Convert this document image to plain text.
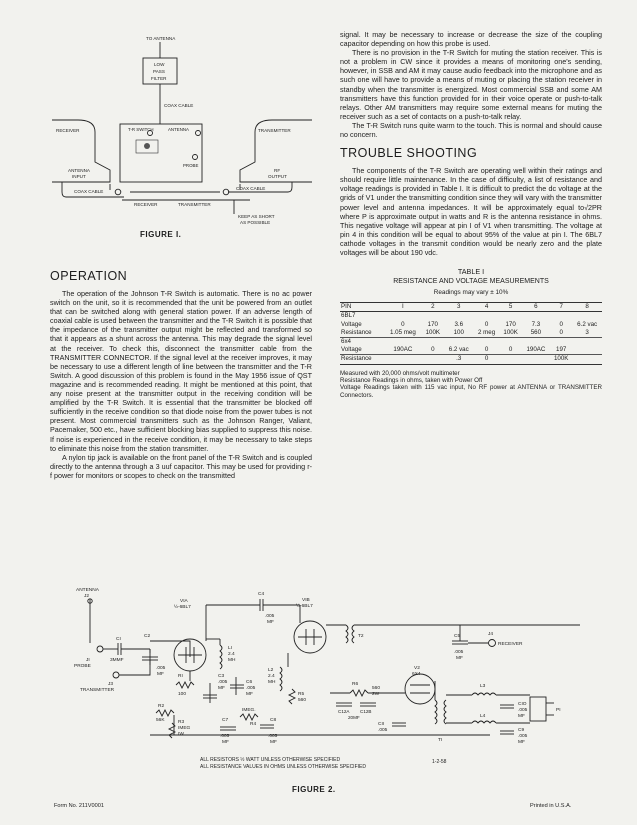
TO ANTENNA
LOW
PASS
FILTER
COAX CABLE
RECEIVER	TRANSMITTER
T-R SWITCH	ANTENNA
PROBE
ANTENNA
INPUT
RF
OUTPUT
COAX CABLE
COAX CABLE
RECEIVER	TRANSMITTER
KEEP AS SHORT
AS POSSIBLE
FIGURE I.
OPERATION

The operation of the Johnson T-R Switch is automatic. There is no ac power switch on the unit, so it is recommended that the unit be powered from an outlet that can be switched along with general station power. If an adverse length of coaxial cable is used between the transmitter and the T-R Switch it is possible that the impedance of the transmitter output might be reflected and transformed so that it appears as a shunt across the antenna. This may degrade the signal level at the receiver. To check this, disconnect the transmitter cable from the TRANSMITTER CONNECTOR. If the signal level at the receiver improves, it may be necessary to use a different length of line between the transmitter and the T-R Switch. A good discussion of this problem is found in the May 1956 issue of QST magazine and is recommended reading. It might be mentioned at this point, that any noise present at the transmitter output in the receiving condition will be amplified by the T-R Switch. It is essential that the transmitter be blocked off sufficiently in the receive condition so that diode noise from the power tubes is not present. Most commercial transmitters such as the Johnson Ranger, Valiant, Pacemaker, 500 etc., have sufficient blocking bias supplied to suppress this noise. If noise is experienced in the receive condition, it may be necessary to take steps to eliminate this noise from the station transmitter.

A nylon tip jack is available on the front panel of the T-R Switch and is coupled directly to the antenna through a 3 uuf capacitor. This may be used for providing r-f power for monitors or scopes to check on the transmitted

signal. It may be necessary to increase or decrease the size of the coupling capacitor depending on how this probe is used.

There is no provision in the T-R Switch for muting the station receiver. This is not a problem in CW since it provides a means of monitoring one's sending, however, in SSB and AM it may cause audio feedback into the microphone and as such one will have to provide a means of muting or placing the station receiver in standby when the transmitter is energized. Most commercial SSB and some AM transmitters have this function provided for in their voice operate or push-to-talk relays. Other AM transmitters may require some external means for muting the receiver such as a set of contacts on a push-to-talk relay.

The T-R Switch runs quite warm to the touch. This is normal and should cause no concern.

TROUBLE SHOOTING

The components of the T-R Switch are operating well within their ratings and should require little maintenance. In the case of difficulty, a list of resistance and voltage readings is provided in Table I. It is difficult to predict the dc voltage at the grids of V1 under the transmitting condition since they will vary with the transmitter power level and antenna impedances. It will be approximately equal to√2PR where P is approximate output in watts and R is the antenna resistance in ohms. This negative voltage will appear at pin I of V1 when transmitting. The voltage at pin 4 in this condition will be equal to about 95% of the value at pin I. The 6BL7 cathode voltages in the transmit condition would be nearly zero and the plate voltages will be about 190 vdc.

TABLE I
RESISTANCE AND VOLTAGE MEASUREMENTS
Readings may vary ± 10%
PIN	I	2	3	4	5	6	7	8
6BL7								
Voltage	0	170	3.6	0	170	7.3	0	6.2 vac
Resistance	1.05 meg	100K	100	2 meg	100K	560	0	3
6x4								
Voltage	190AC	0	6.2 vac	0	0	190AC	197	
Resistance			.3	0			100K	
Measured with 20,000 ohms/volt multimeter
Resistance Readings in ohms, taken with Power Off
Voltage Readings taken with 115 vac input, No RF power at ANTENNA or TRANSMITTER Connectors.
ANTENNA
J2
VIA
½-6BL7
VIB
½-6BL7
C4
.005
MF
CI
C2
3MMF
.005
MF
JI
PROBE
J3
TRANSMITTER
LI
2.4
MH
RI
100
C3
.005
MF
C6
.005
MF
L2
2.4
MH
R5
560
T2	C5
.005
MF
J4
RECEIVER
V2
6X4
R6
560
2W
C12A C12B
20MF
CII
.005
TI
L3
CIO
.005
MF
L4
C9
.005
MF
PI
R2
56K	R3
IMEG
IW
R4
IMEG.
C7
.005
MF
C8
.005
MF
ALL RESISTORS ½ WATT UNLESS OTHERWISE SPECIFIED
ALL RESISTANCE VALUES IN OHMS UNLESS OTHERWISE SPECIFIED
1-2-58
FIGURE 2.
Form No. 211V0001	Printed in U.S.A.
